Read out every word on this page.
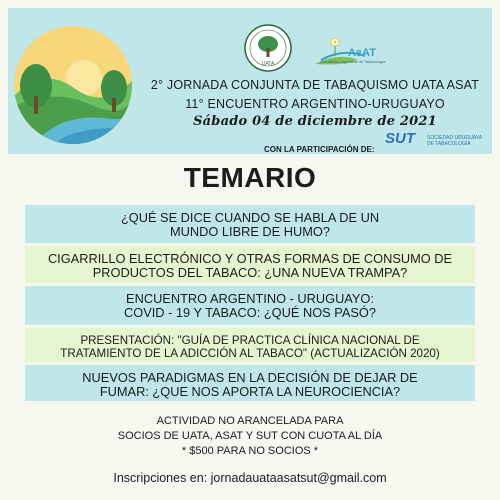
UATA
AsAT
Asociación Argentina de Tabacología
2° JORNADA CONJUNTA DE TABAQUISMO UATA ASAT
11° ENCUENTRO ARGENTINO-URUGUAYO
Sábado 04 de diciembre de 2021
CON LA PARTICIPACIÓN DE:
SUT SOCIEDAD URUGUAYA DE TABACOLOGÍA
TEMARIO
¿QUÉ SE DICE CUANDO SE HABLA DE UN
MUNDO LIBRE DE HUMO?
CIGARRILLO ELECTRÓNICO Y OTRAS FORMAS DE CONSUMO DE
PRODUCTOS DEL TABACO: ¿UNA NUEVA TRAMPA?
ENCUENTRO ARGENTINO - URUGUAYO:
COVID - 19 Y TABACO: ¿QUÉ NOS PASÓ?
PRESENTACIÓN: "GUÍA DE PRACTICA CLÍNICA NACIONAL DE
TRATAMIENTO DE LA ADICCIÓN AL TABACO" (ACTUALIZACIÓN 2020)
NUEVOS PARADIGMAS EN LA DECISIÓN DE DEJAR DE
FUMAR: ¿QUE NOS APORTA LA NEUROCIENCIA?
ACTIVIDAD NO ARANCELADA PARA
SOCIOS DE UATA, ASAT Y SUT CON CUOTA AL DÍA
* $500 PARA NO SOCIOS *
Inscripciones en: jornadauataasatsut@gmail.com
